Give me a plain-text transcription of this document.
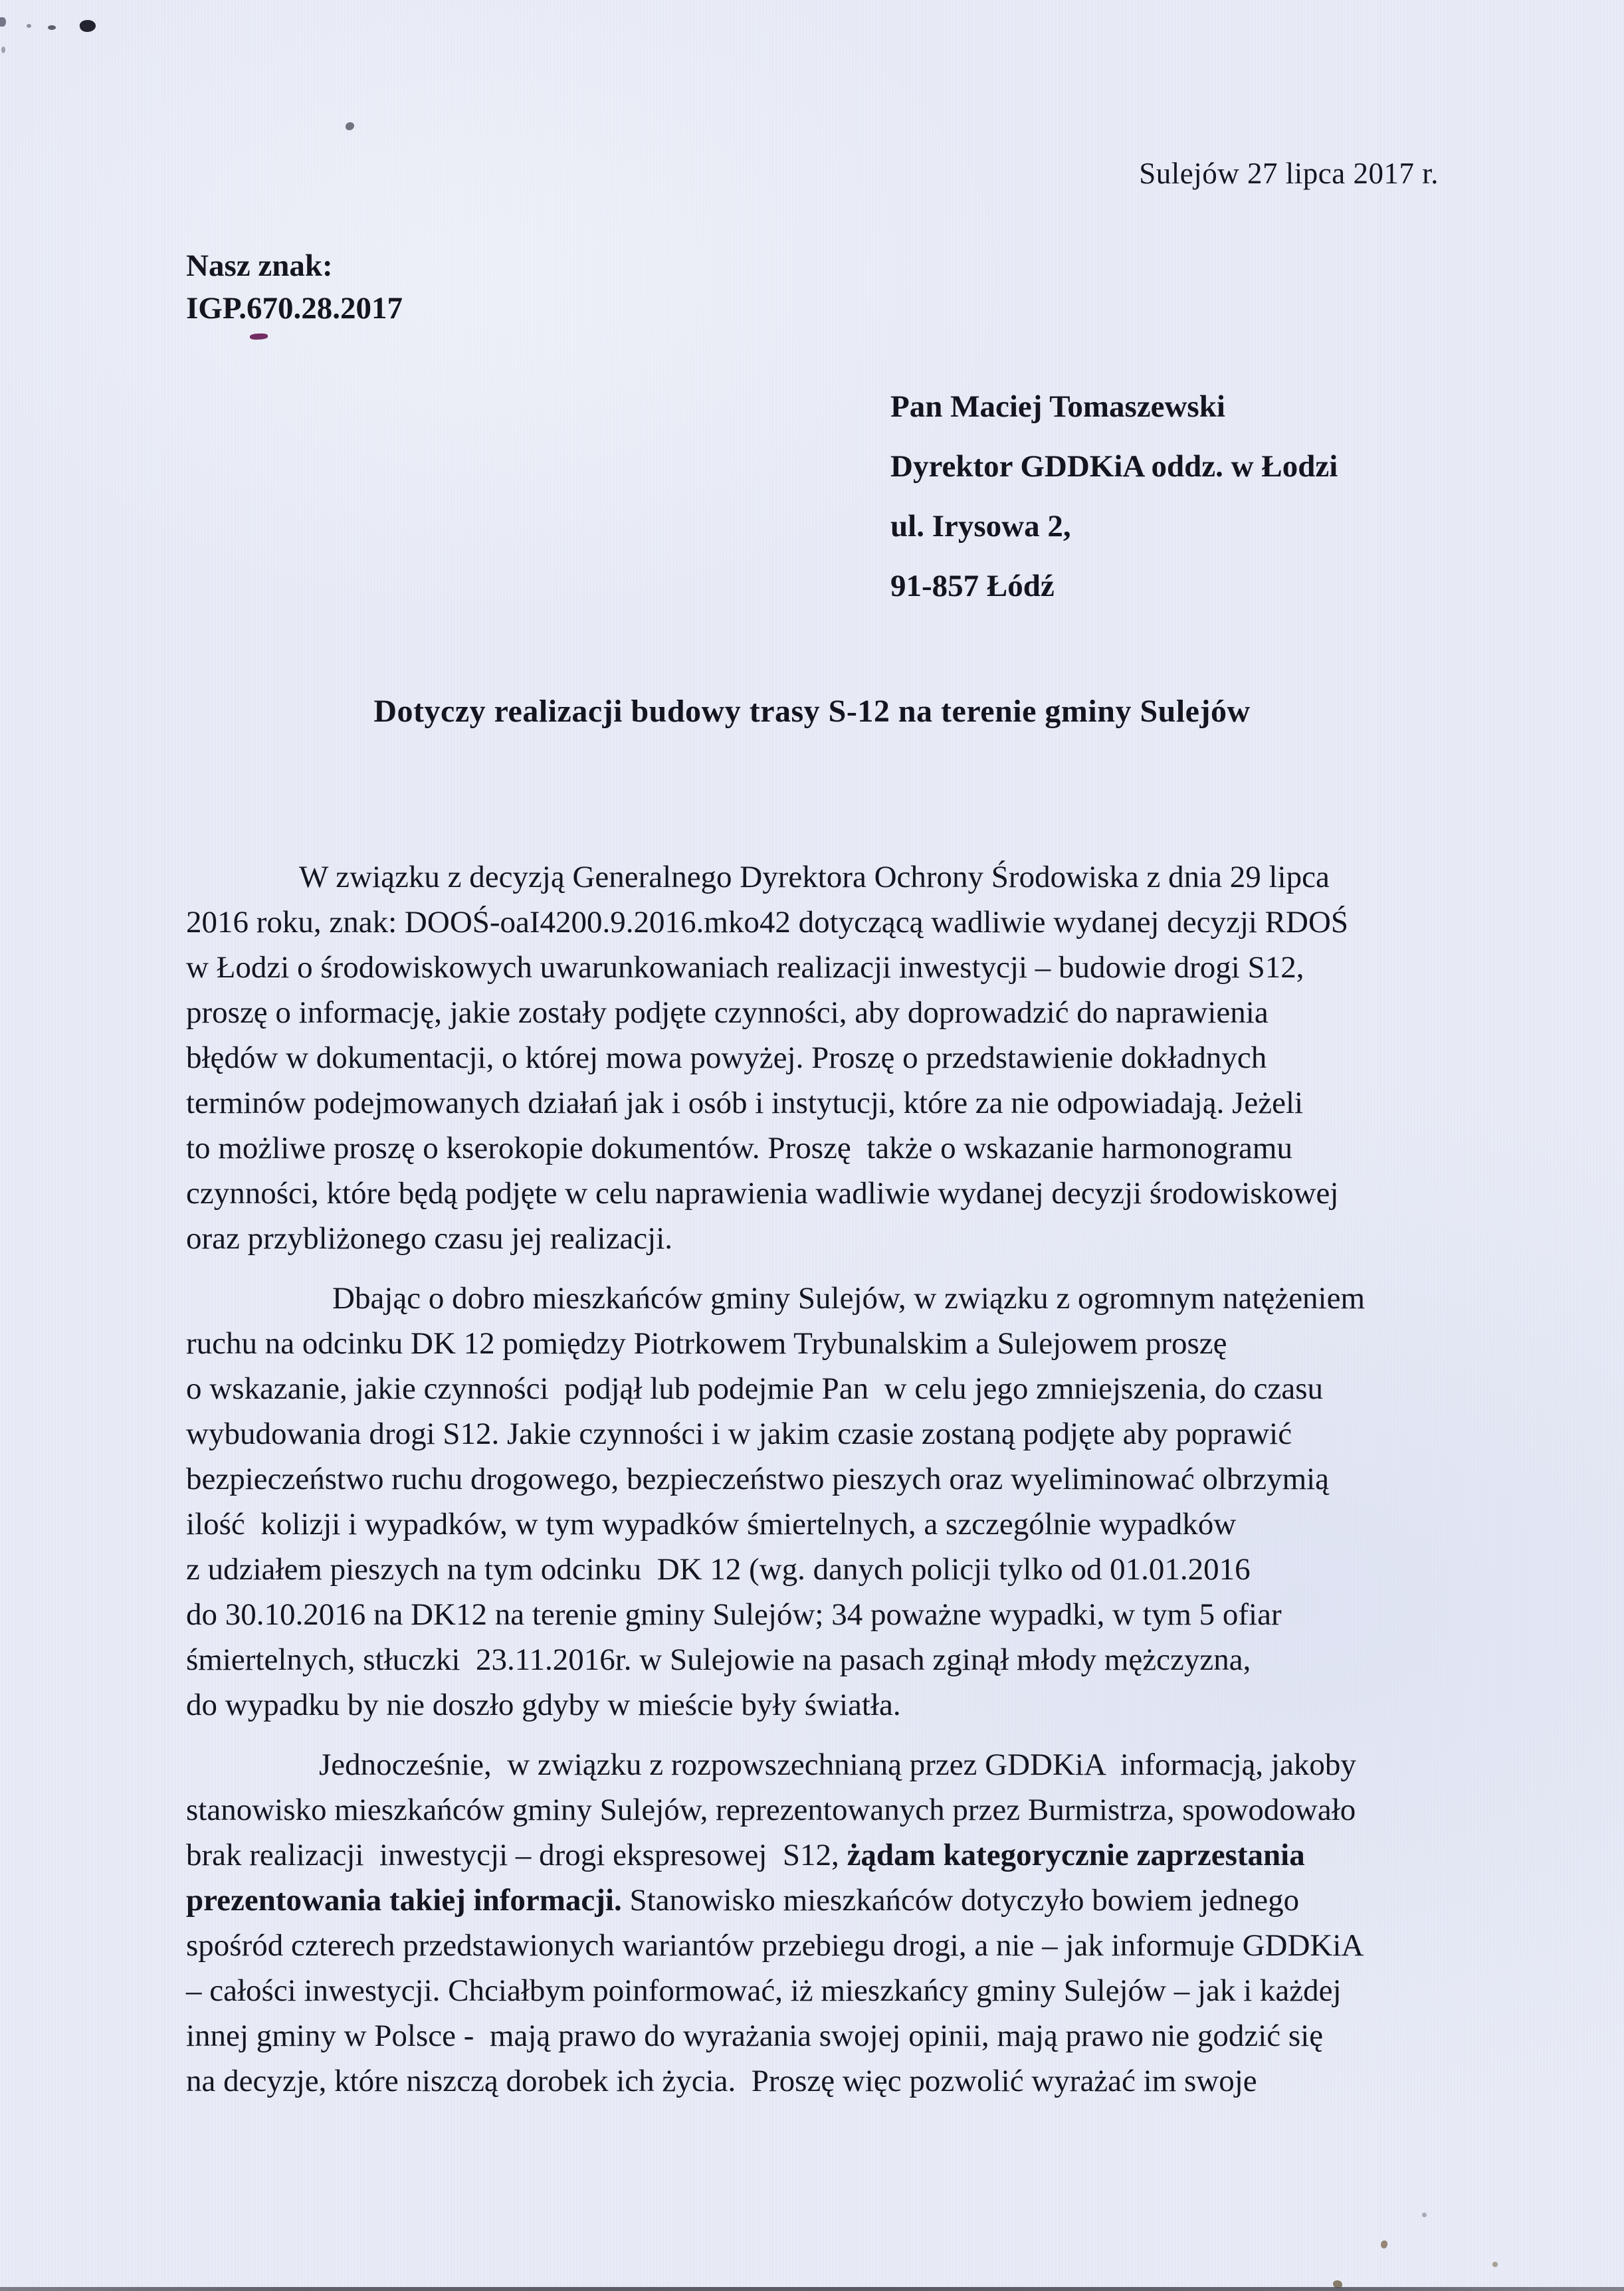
Sulejów 27 lipca 2017 r.
Nasz znak:
IGP.670.28.2017
Pan Maciej Tomaszewski
Dyrektor GDDKiA oddz. w Łodzi
ul. Irysowa 2,
91-857 Łódź
Dotyczy realizacji budowy trasy S-12 na terenie gminy Sulejów
W związku z decyzją Generalnego Dyrektora Ochrony Środowiska z dnia 29 lipca
2016 roku, znak: DOOŚ-oaI4200.9.2016.mko42 dotyczącą wadliwie wydanej decyzji RDOŚ
w Łodzi o środowiskowych uwarunkowaniach realizacji inwestycji – budowie drogi S12,
proszę o informację, jakie zostały podjęte czynności, aby doprowadzić do naprawienia
błędów w dokumentacji, o której mowa powyżej. Proszę o przedstawienie dokładnych
terminów podejmowanych działań jak i osób i instytucji, które za nie odpowiadają. Jeżeli
to możliwe proszę o kserokopie dokumentów. Proszę  także o wskazanie harmonogramu
czynności, które będą podjęte w celu naprawienia wadliwie wydanej decyzji środowiskowej
oraz przybliżonego czasu jej realizacji.
Dbając o dobro mieszkańców gminy Sulejów, w związku z ogromnym natężeniem
ruchu na odcinku DK 12 pomiędzy Piotrkowem Trybunalskim a Sulejowem proszę
o wskazanie, jakie czynności  podjął lub podejmie Pan  w celu jego zmniejszenia, do czasu
wybudowania drogi S12. Jakie czynności i w jakim czasie zostaną podjęte aby poprawić
bezpieczeństwo ruchu drogowego, bezpieczeństwo pieszych oraz wyeliminować olbrzymią
ilość  kolizji i wypadków, w tym wypadków śmiertelnych, a szczególnie wypadków
z udziałem pieszych na tym odcinku  DK 12 (wg. danych policji tylko od 01.01.2016
do 30.10.2016 na DK12 na terenie gminy Sulejów; 34 poważne wypadki, w tym 5 ofiar
śmiertelnych, stłuczki  23.11.2016r. w Sulejowie na pasach zginął młody mężczyzna,
do wypadku by nie doszło gdyby w mieście były światła.
Jednocześnie,  w związku z rozpowszechnianą przez GDDKiA  informacją, jakoby
stanowisko mieszkańców gminy Sulejów, reprezentowanych przez Burmistrza, spowodowało
brak realizacji  inwestycji – drogi ekspresowej  S12, żądam kategorycznie zaprzestania
prezentowania takiej informacji. Stanowisko mieszkańców dotyczyło bowiem jednego
spośród czterech przedstawionych wariantów przebiegu drogi, a nie – jak informuje GDDKiA
– całości inwestycji. Chciałbym poinformować, iż mieszkańcy gminy Sulejów – jak i każdej
innej gminy w Polsce -  mają prawo do wyrażania swojej opinii, mają prawo nie godzić się
na decyzje, które niszczą dorobek ich życia.  Proszę więc pozwolić wyrażać im swoje
